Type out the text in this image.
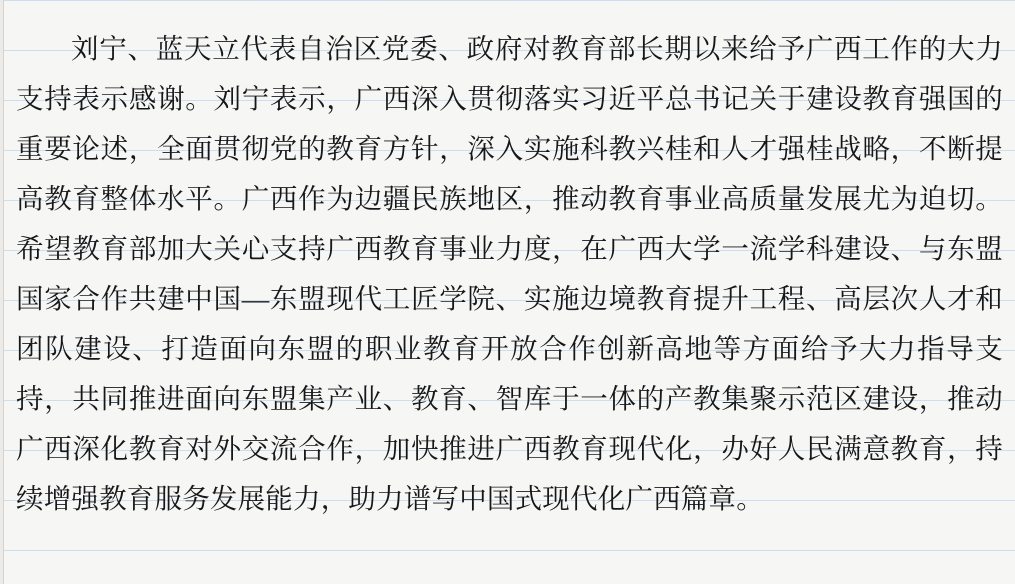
刘宁、蓝天立代表自治区党委、政府对教育部长期以来给予广西工作的大力支持表示感谢。刘宁表示，广西深入贯彻落实习近平总书记关于建设教育强国的重要论述，全面贯彻党的教育方针，深入实施科教兴桂和人才强桂战略，不断提高教育整体水平。广西作为边疆民族地区，推动教育事业高质量发展尤为迫切。希望教育部加大关心支持广西教育事业力度，在广西大学一流学科建设、与东盟国家合作共建中国—东盟现代工匠学院、实施边境教育提升工程、高层次人才和团队建设、打造面向东盟的职业教育开放合作创新高地等方面给予大力指导支持，共同推进面向东盟集产业、教育、智库于一体的产教集聚示范区建设，推动广西深化教育对外交流合作，加快推进广西教育现代化，办好人民满意教育，持续增强教育服务发展能力，助力谱写中国式现代化广西篇章。
